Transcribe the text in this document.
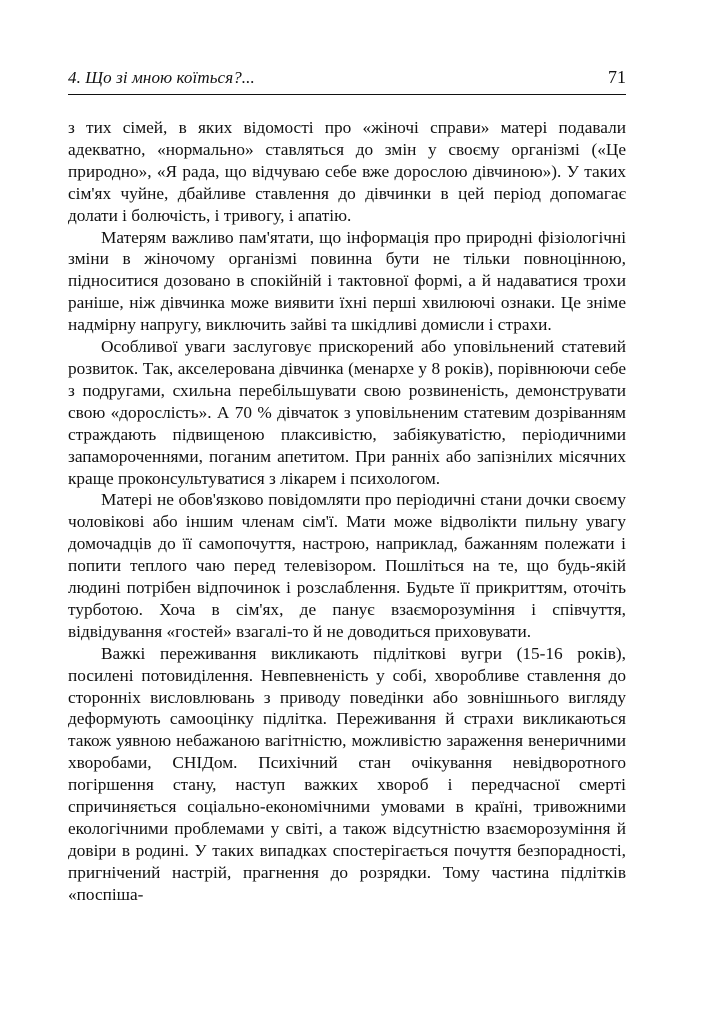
4. Що зі мною коїться?...	71

з тих сімей, в яких відомості про «жіночі справи» матері подавали адекватно, «нормально» ставляться до змін у своєму організмі («Це природно», «Я рада, що відчуваю себе вже дорослою дівчиною»). У таких сім'ях чуйне, дбайливе ставлення до дівчинки в цей період допомагає долати і болючість, і тривогу, і апатію.

Матерям важливо пам'ятати, що інформація про природні фізіологічні зміни в жіночому організмі повинна бути не тільки повноцінною, підноситися дозовано в спокійній і тактовної формі, а й надаватися трохи раніше, ніж дівчинка може виявити їхні перші хвилюючі ознаки. Це зніме надмірну напругу, виключить зайві та шкідливі домисли і страхи.

Особливої уваги заслуговує прискорений або уповільнений статевий розвиток. Так, акселерована дівчинка (менархе у 8 років), порівнюючи себе з подругами, схильна перебільшувати свою розвиненість, демонструвати свою «дорослість». А 70 % дівчаток з уповільненим статевим дозріванням страждають підвищеною плаксивістю, забіякуватістю, періодичними запамороченнями, поганим апетитом. При ранніх або запізнілих місячних краще проконсультуватися з лікарем і психологом.

Матері не обов'язково повідомляти про періодичні стани дочки своєму чоловікові або іншим членам сім'ї. Мати може відволікти пильну увагу домочадців до її самопочуття, настрою, наприклад, бажанням полежати і попити теплого чаю перед телевізором. Пошліться на те, що будь-якій людині потрібен відпочинок і розслаблення. Будьте її прикриттям, оточіть турботою. Хоча в сім'ях, де панує взаєморозуміння і співчуття, відвідування «гостей» взагалі-то й не доводиться приховувати.

Важкі переживання викликають підліткові вугри (15-16 років), посилені потовиділення. Невпевненість у собі, хворобливе ставлення до сторонніх висловлювань з приводу поведінки або зовнішнього вигляду деформують самооцінку підлітка. Переживання й страхи викликаються також уявною небажаною вагітністю, можливістю зараження венеричними хворобами, СНІДом. Психічний стан очікування невідворотного погіршення стану, наступ важких хвороб і передчасної смерті спричиняється соціально-економічними умовами в країні, тривожними екологічними проблемами у світі, а також відсутністю взаєморозуміння й довіри в родині. У таких випадках спостерігається почуття безпорадності, пригнічений настрій, прагнення до розрядки. Тому частина підлітків «поспіша-
